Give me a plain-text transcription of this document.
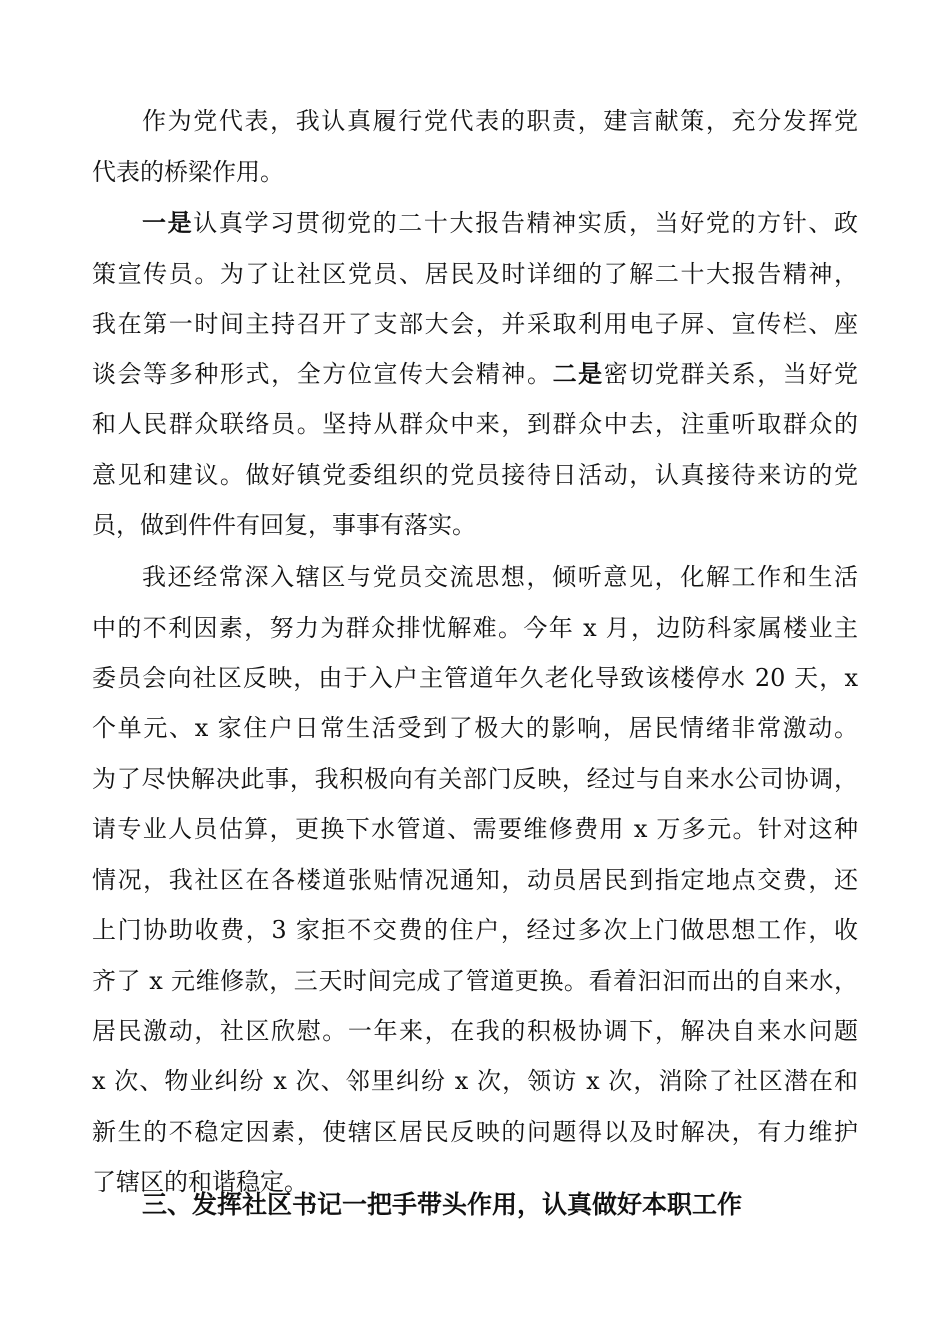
作为党代表，我认真履行党代表的职责，建言献策，充分发挥党
代表的桥梁作用。
一是认真学习贯彻党的二十大报告精神实质，当好党的方针、政
策宣传员。为了让社区党员、居民及时详细的了解二十大报告精神，
我在第一时间主持召开了支部大会，并采取利用电子屏、宣传栏、座
谈会等多种形式，全方位宣传大会精神。二是密切党群关系，当好党
和人民群众联络员。坚持从群众中来，到群众中去，注重听取群众的
意见和建议。做好镇党委组织的党员接待日活动，认真接待来访的党
员，做到件件有回复，事事有落实。
我还经常深入辖区与党员交流思想，倾听意见，化解工作和生活
中的不利因素，努力为群众排忧解难。今年 x 月，边防科家属楼业主
委员会向社区反映，由于入户主管道年久老化导致该楼停水 20 天，x
个单元、x 家住户日常生活受到了极大的影响，居民情绪非常激动。
为了尽快解决此事，我积极向有关部门反映，经过与自来水公司协调，
请专业人员估算，更换下水管道、需要维修费用 x 万多元。针对这种
情况，我社区在各楼道张贴情况通知，动员居民到指定地点交费，还
上门协助收费，3 家拒不交费的住户，经过多次上门做思想工作，收
齐了 x 元维修款，三天时间完成了管道更换。看着汩汩而出的自来水，
居民激动，社区欣慰。一年来，在我的积极协调下，解决自来水问题
x 次、物业纠纷 x 次、邻里纠纷 x 次，领访 x 次，消除了社区潜在和
新生的不稳定因素，使辖区居民反映的问题得以及时解决，有力维护
了辖区的和谐稳定。
三、发挥社区书记一把手带头作用，认真做好本职工作
